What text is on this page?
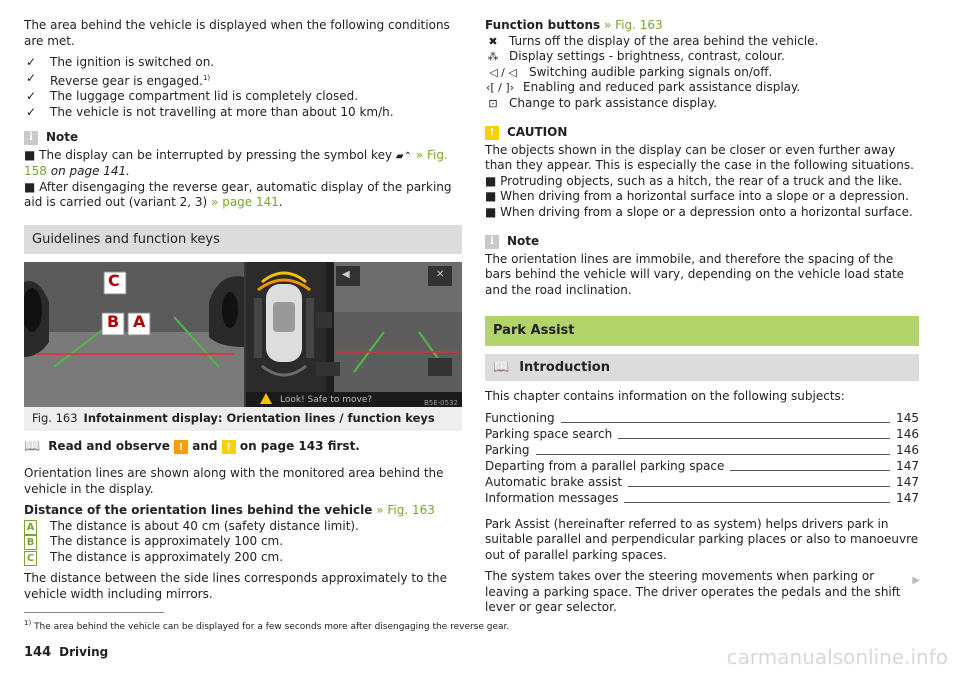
The area behind the vehicle is displayed when the following conditions are met.

✓ The ignition is switched on.
✓ Reverse gear is engaged.$^{1)}$
✓ The luggage compartment lid is completely closed.
✓ The vehicle is not travelling at more than about 10 km/h.
i	Note

■ The display can be interrupted by pressing the symbol key ▰⌃ » Fig. 158 on page 141.

■ After disengaging the reverse gear, automatic display of the parking aid is carried out (variant 2, 3) » page 141.

Guidelines and function keys
C
B A
✕
◀
Look! Safe to move?	B5E-0532
Fig. 163 Infotainment display: Orientation lines / function keys
📖 Read and observe ! and ! on page 143 first.

Orientation lines are shown along with the monitored area behind the vehicle in the display.

Distance of the orientation lines behind the vehicle » Fig. 163

A The distance is about 40 cm (safety distance limit).
B The distance is approximately 100 cm.
C The distance is approximately 200 cm.

The distance between the side lines corresponds approximately to the vehicle width including mirrors.

Function buttons » Fig. 163

✖ Turns off the display of the area behind the vehicle.
⁂ Display settings - brightness, contrast, colour.
◁ / ◁	Switching audible parking signals on/off.
‹[ / ]› Enabling and reduced park assistance display.
⊡ Change to park assistance display.
!	CAUTION

The objects shown in the display can be closer or even further away than they appear. This is especially the case in the following situations.

■ Protruding objects, such as a hitch, the rear of a truck and the like.

■ When driving from a horizontal surface into a slope or a depression.

■ When driving from a slope or a depression onto a horizontal surface.

i	Note

The orientation lines are immobile, and therefore the spacing of the bars behind the vehicle will vary, depending on the vehicle load state and the road inclination.

Park Assist
📖 Introduction

This chapter contains information on the following subjects:

Functioning	145
Parking space search	146
Parking	146
Departing from a parallel parking space	147
Automatic brake assist	147
Information messages	147

Park Assist (hereinafter referred to as system) helps drivers park in suitable parallel and perpendicular parking places or also to manoeuvre out of parallel parking spaces.

The system takes over the steering movements when parking or leaving a parking space. The driver operates the pedals and the shift lever or gear selector.

▶
$^{1)}$ The area behind the vehicle can be displayed for a few seconds more after disengaging the reverse gear.
144 Driving	carmanualsonline.info
